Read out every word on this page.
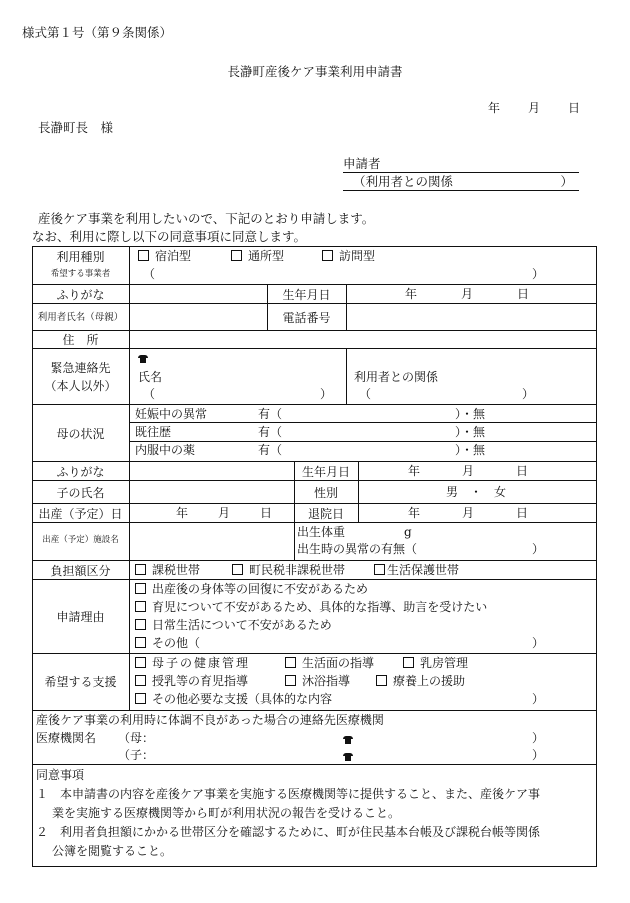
様式第１号（第９条関係）
長瀞町産後ケア事業利用申請書
年 月 日
長瀞町長　様
申請者
（利用者との関係	）
産後ケア事業を利用したいので、下記のとおり申請します。
なお、利用に際し以下の同意事項に同意します。
利用種別
希望する事業者
宿泊型	通所型	訪問型
（	）
ふりがな	生年月日	年	月	日
利用者氏名（母親）	電話番号
住　所
緊急連絡先
（本人以外）
氏名
（	）
利用者との関係
（	）
母の状況
妊娠中の異常	有（	）・無
既往歴	有（	）・無
内服中の薬	有（	）・無
ふりがな	生年月日	年	月	日
子の氏名	性別	男　・　女
出産（予定）日	年	月	日	退院日	年	月	日
出産（予定）施設名
出生体重	g
出生時の異常の有無（	）
負担額区分	課税世帯	町民税非課税世帯	生活保護世帯
申請理由
出産後の身体等の回復に不安があるため
育児について不安があるため、具体的な指導、助言を受けたい
日常生活について不安があるため
その他（	）
希望する支援
母子の健康管理	生活面の指導	乳房管理
授乳等の育児指導	沐浴指導	療養上の援助
その他必要な支援（具体的な内容	）
産後ケア事業の利用時に体調不良があった場合の連絡先医療機関
医療機関名 （母：	）
（子：	）
同意事項
１　本申請書の内容を産後ケア事業を実施する医療機関等に提供すること、また、産後ケア事
業を実施する医療機関等から町が利用状況の報告を受けること。
２　利用者負担額にかかる世帯区分を確認するために、町が住民基本台帳及び課税台帳等関係
公簿を閲覧すること。
